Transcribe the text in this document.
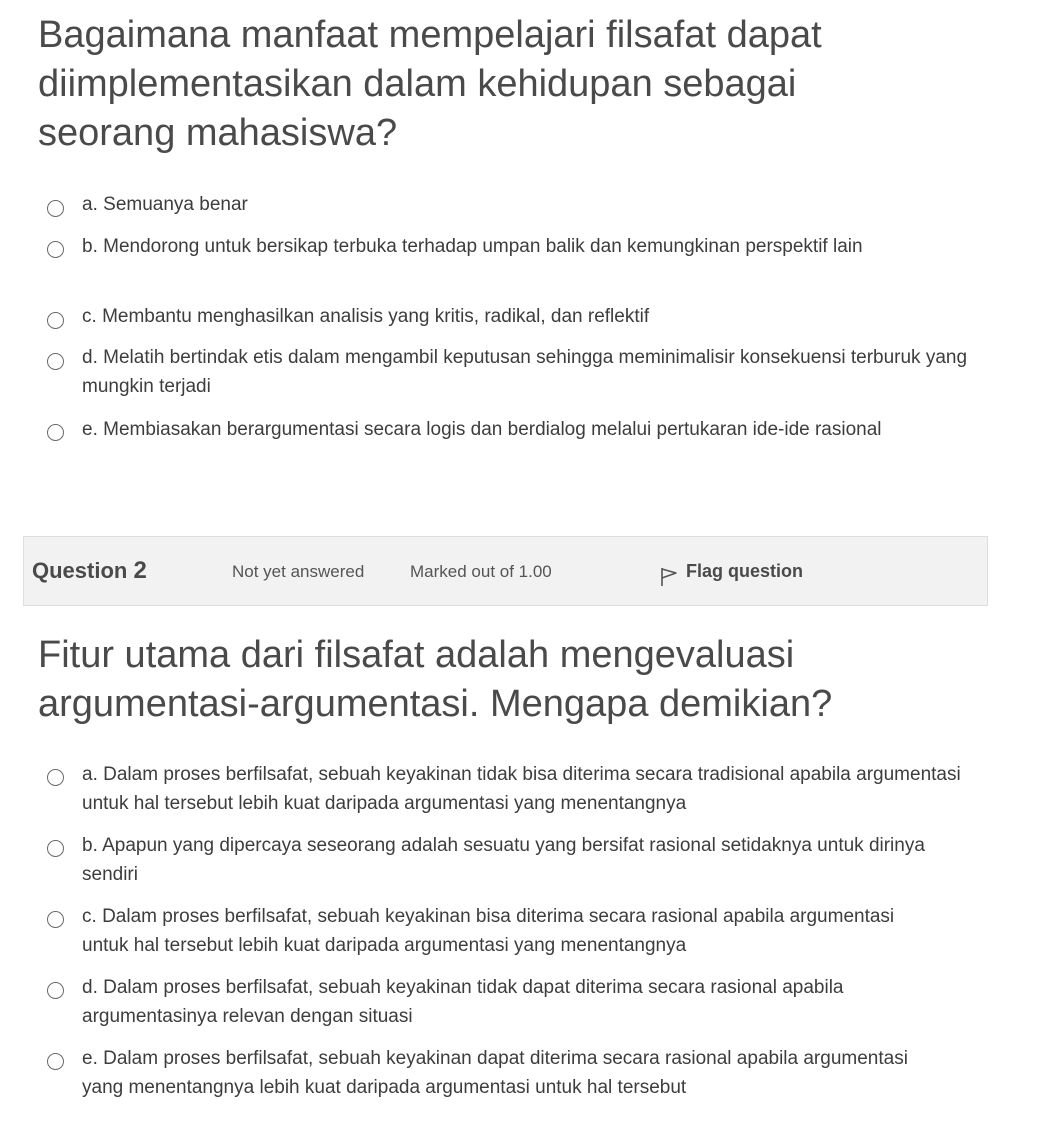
Bagaimana manfaat mempelajari filsafat dapat diimplementasikan dalam kehidupan sebagai seorang mahasiswa?
a. Semuanya benar
b. Mendorong untuk bersikap terbuka terhadap umpan balik dan kemungkinan perspektif lain
c. Membantu menghasilkan analisis yang kritis, radikal, dan reflektif
d. Melatih bertindak etis dalam mengambil keputusan sehingga meminimalisir konsekuensi terburuk yang mungkin terjadi
e. Membiasakan berargumentasi secara logis dan berdialog melalui pertukaran ide-ide rasional
Question 2	Not yet answered	Marked out of 1.00	Flag question
Fitur utama dari filsafat adalah mengevaluasi argumentasi-argumentasi. Mengapa demikian?
a. Dalam proses berfilsafat, sebuah keyakinan tidak bisa diterima secara tradisional apabila argumentasi untuk hal tersebut lebih kuat daripada argumentasi yang menentangnya
b. Apapun yang dipercaya seseorang adalah sesuatu yang bersifat rasional setidaknya untuk dirinya sendiri
c. Dalam proses berfilsafat, sebuah keyakinan bisa diterima secara rasional apabila argumentasi untuk hal tersebut lebih kuat daripada argumentasi yang menentangnya
d. Dalam proses berfilsafat, sebuah keyakinan tidak dapat diterima secara rasional apabila argumentasinya relevan dengan situasi
e. Dalam proses berfilsafat, sebuah keyakinan dapat diterima secara rasional apabila argumentasi yang menentangnya lebih kuat daripada argumentasi untuk hal tersebut
